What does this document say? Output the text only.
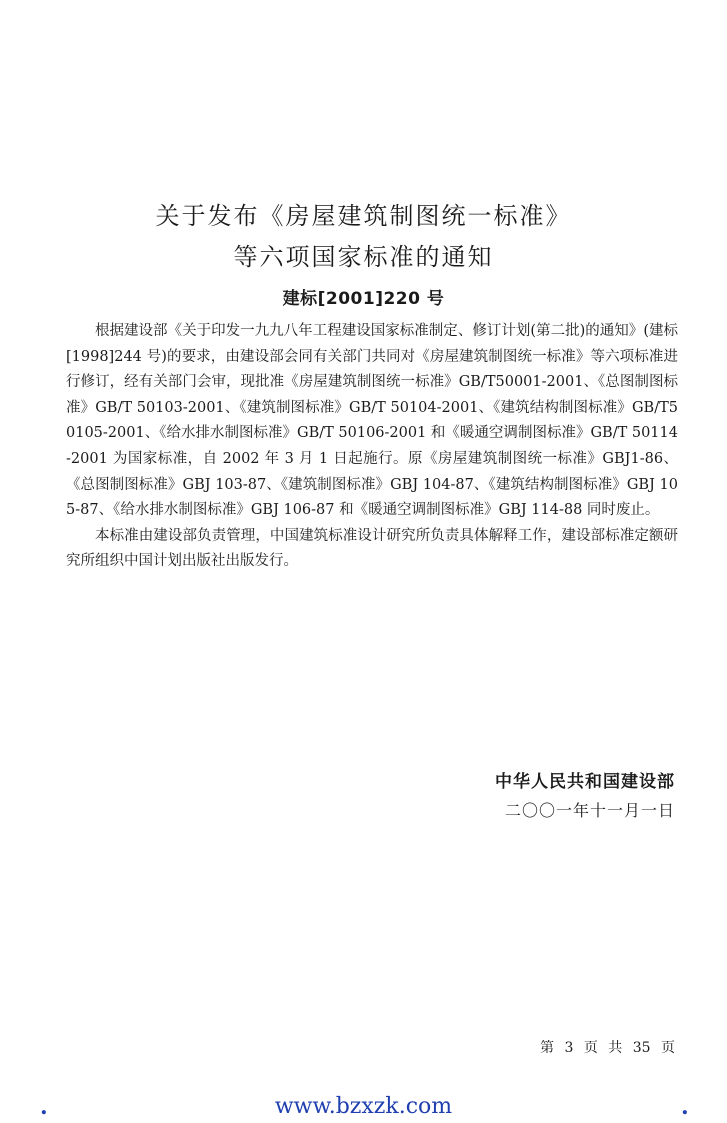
关于发布《房屋建筑制图统一标准》
等六项国家标准的通知
建标[2001]220 号

根据建设部《关于印发一九九八年工程建设国家标准制定、修订计划(第二批)的通知》(建标[1998]244 号)的要求，由建设部会同有关部门共同对《房屋建筑制图统一标准》等六项标准进行修订，经有关部门会审，现批准《房屋建筑制图统一标准》GB/T50001-2001、《总图制图标准》GB/T 50103-2001、《建筑制图标准》GB/T 50104-2001、《建筑结构制图标准》GB/T50105-2001、《给水排水制图标准》GB/T 50106-2001 和《暖通空调制图标准》GB/T 50114-2001 为国家标准，自 2002 年 3 月 1 日起施行。原《房屋建筑制图统一标准》GBJ1-86、《总图制图标准》GBJ 103-87、《建筑制图标准》GBJ 104-87、《建筑结构制图标准》GBJ 105-87、《给水排水制图标准》GBJ 106-87 和《暖通空调制图标准》GBJ 114-88 同时废止。

本标准由建设部负责管理，中国建筑标准设计研究所负责具体解释工作，建设部标准定额研究所组织中国计划出版社出版发行。

中华人民共和国建设部
二〇〇一年十一月一日
第 3 页 共 35 页
.	www.bzxzk.com	.
